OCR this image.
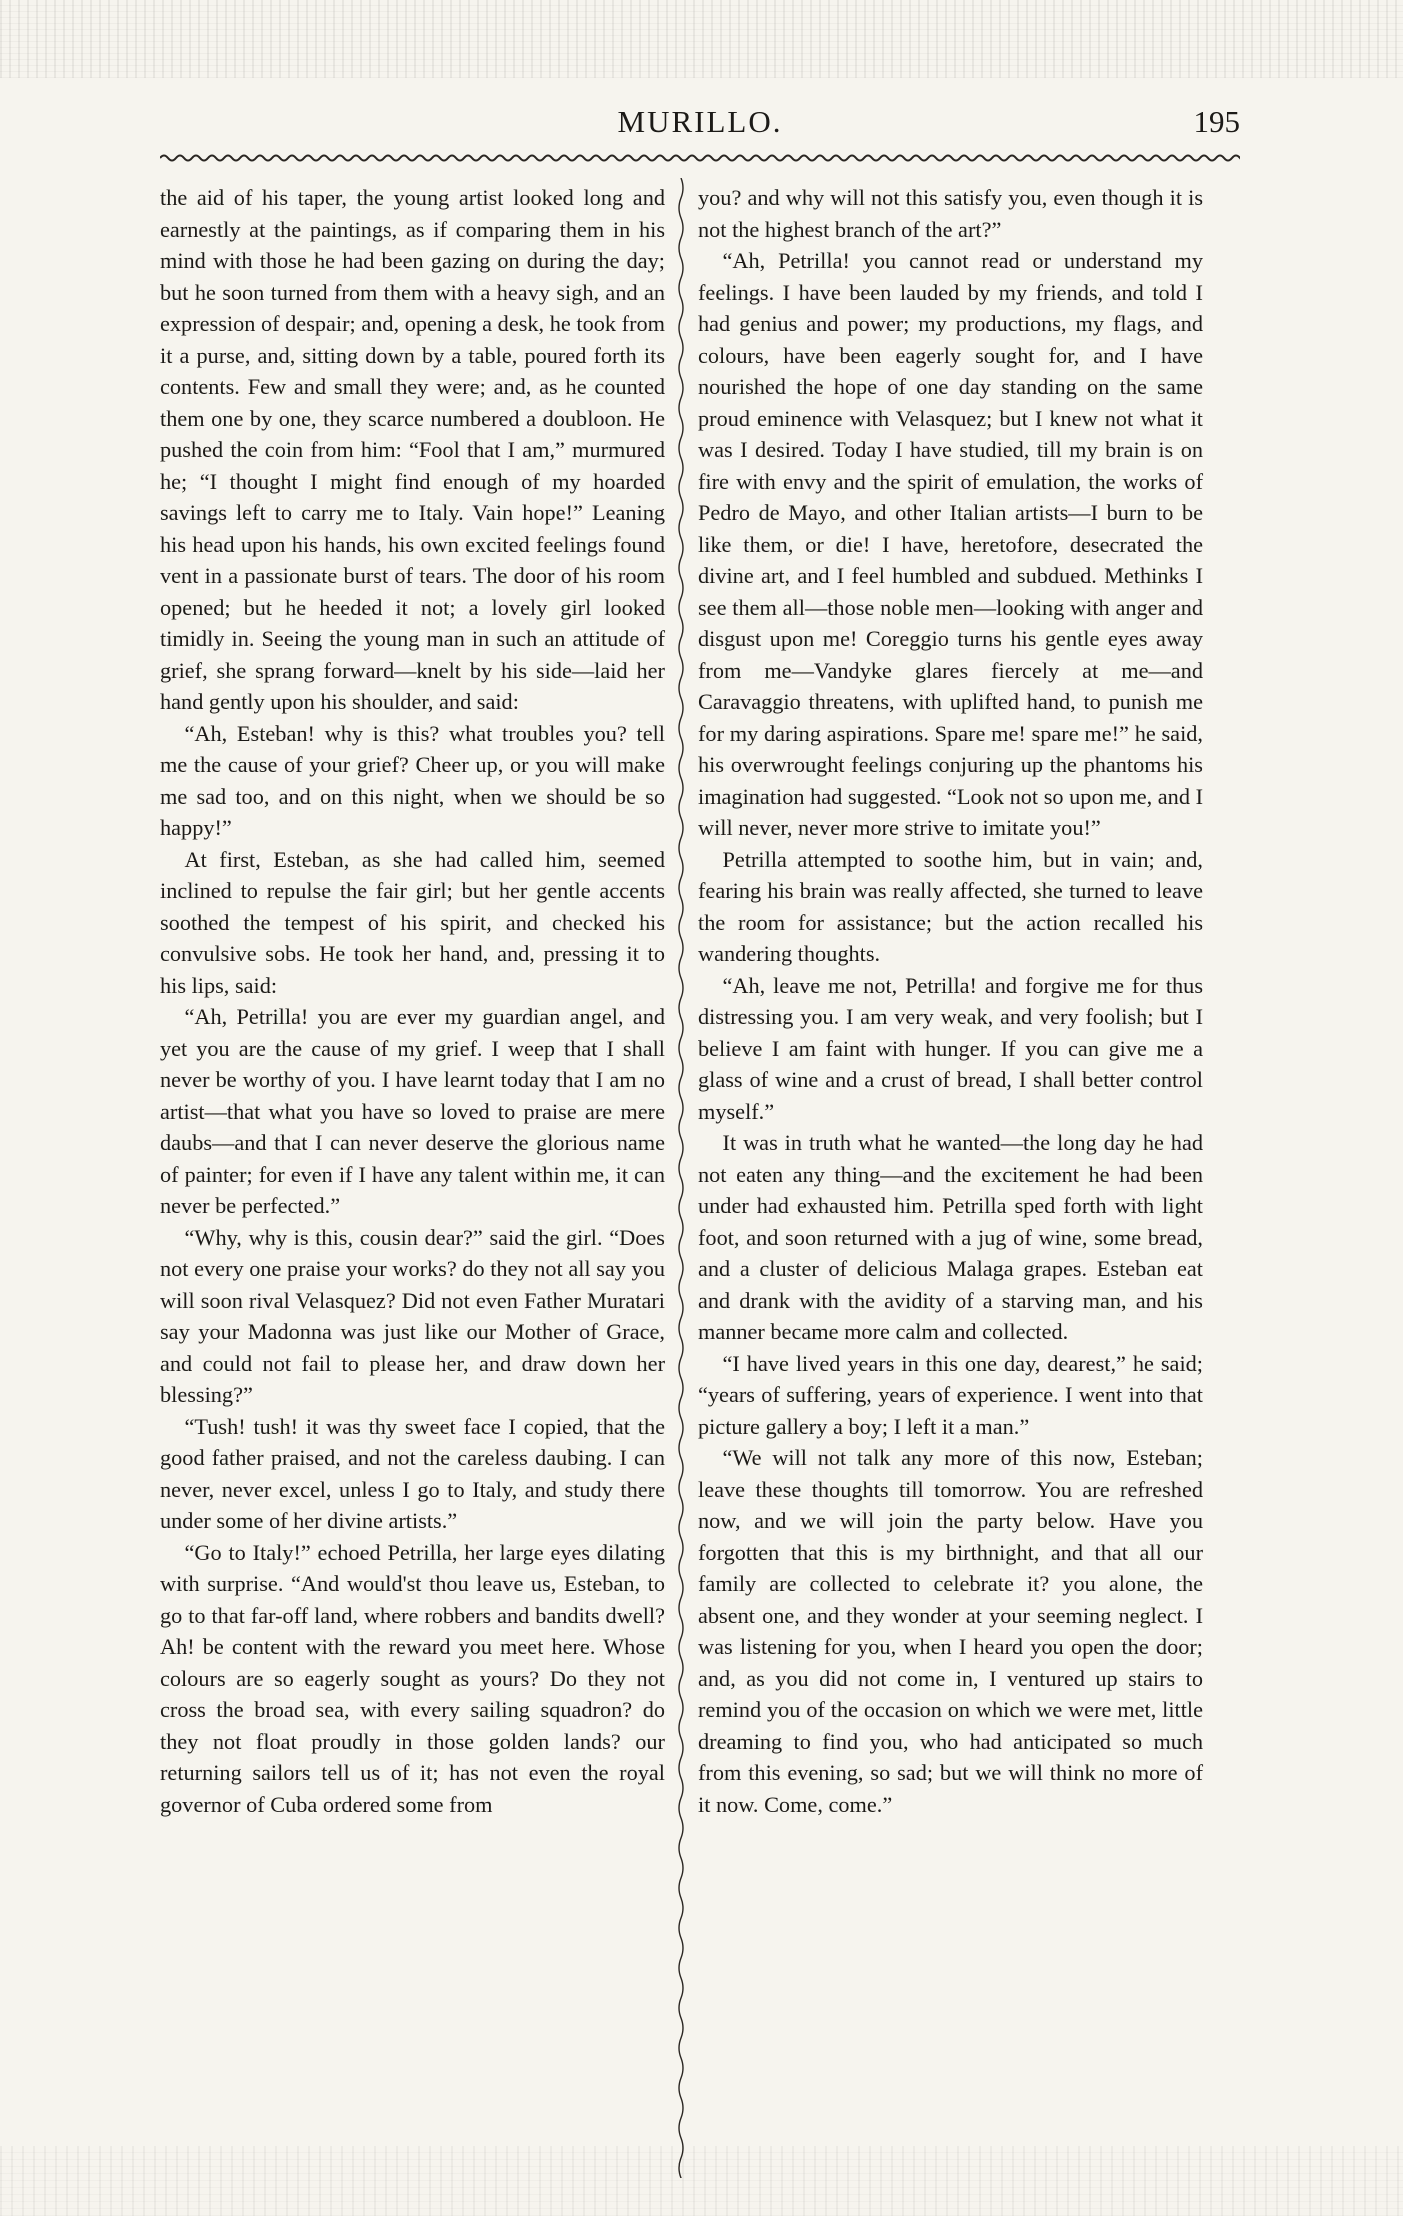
MURILLO.	195

the aid of his taper, the young artist looked long and earnestly at the paintings, as if comparing them in his mind with those he had been gazing on during the day; but he soon turned from them with a heavy sigh, and an expression of despair; and, opening a desk, he took from it a purse, and, sitting down by a table, poured forth its contents. Few and small they were; and, as he counted them one by one, they scarce numbered a doubloon. He pushed the coin from him: “Fool that I am,” murmured he; “I thought I might find enough of my hoarded savings left to carry me to Italy. Vain hope!” Leaning his head upon his hands, his own excited feelings found vent in a passionate burst of tears. The door of his room opened; but he heeded it not; a lovely girl looked timidly in. Seeing the young man in such an attitude of grief, she sprang forward—knelt by his side—laid her hand gently upon his shoulder, and said:

“Ah, Esteban! why is this? what troubles you? tell me the cause of your grief? Cheer up, or you will make me sad too, and on this night, when we should be so happy!”

At first, Esteban, as she had called him, seemed inclined to repulse the fair girl; but her gentle accents soothed the tempest of his spirit, and checked his convulsive sobs. He took her hand, and, pressing it to his lips, said:

“Ah, Petrilla! you are ever my guardian angel, and yet you are the cause of my grief. I weep that I shall never be worthy of you. I have learnt today that I am no artist—that what you have so loved to praise are mere daubs—and that I can never deserve the glorious name of painter; for even if I have any talent within me, it can never be perfected.”

“Why, why is this, cousin dear?” said the girl. “Does not every one praise your works? do they not all say you will soon rival Velasquez? Did not even Father Muratari say your Madonna was just like our Mother of Grace, and could not fail to please her, and draw down her blessing?”

“Tush! tush! it was thy sweet face I copied, that the good father praised, and not the careless daubing. I can never, never excel, unless I go to Italy, and study there under some of her divine artists.”

“Go to Italy!” echoed Petrilla, her large eyes dilating with surprise. “And would'st thou leave us, Esteban, to go to that far-off land, where robbers and bandits dwell? Ah! be content with the reward you meet here. Whose colours are so eagerly sought as yours? Do they not cross the broad sea, with every sailing squadron? do they not float proudly in those golden lands? our returning sailors tell us of it; has not even the royal governor of Cuba ordered some from

you? and why will not this satisfy you, even though it is not the highest branch of the art?”

“Ah, Petrilla! you cannot read or understand my feelings. I have been lauded by my friends, and told I had genius and power; my productions, my flags, and colours, have been eagerly sought for, and I have nourished the hope of one day standing on the same proud eminence with Velasquez; but I knew not what it was I desired. Today I have studied, till my brain is on fire with envy and the spirit of emulation, the works of Pedro de Mayo, and other Italian artists—I burn to be like them, or die! I have, heretofore, desecrated the divine art, and I feel humbled and subdued. Methinks I see them all—those noble men—looking with anger and disgust upon me! Coreggio turns his gentle eyes away from me—Vandyke glares fiercely at me—and Caravaggio threatens, with uplifted hand, to punish me for my daring aspirations. Spare me! spare me!” he said, his overwrought feelings conjuring up the phantoms his imagination had suggested. “Look not so upon me, and I will never, never more strive to imitate you!”

Petrilla attempted to soothe him, but in vain; and, fearing his brain was really affected, she turned to leave the room for assistance; but the action recalled his wandering thoughts.

“Ah, leave me not, Petrilla! and forgive me for thus distressing you. I am very weak, and very foolish; but I believe I am faint with hunger. If you can give me a glass of wine and a crust of bread, I shall better control myself.”

It was in truth what he wanted—the long day he had not eaten any thing—and the excitement he had been under had exhausted him. Petrilla sped forth with light foot, and soon returned with a jug of wine, some bread, and a cluster of delicious Malaga grapes. Esteban eat and drank with the avidity of a starving man, and his manner became more calm and collected.

“I have lived years in this one day, dearest,” he said; “years of suffering, years of experience. I went into that picture gallery a boy; I left it a man.”

“We will not talk any more of this now, Esteban; leave these thoughts till tomorrow. You are refreshed now, and we will join the party below. Have you forgotten that this is my birthnight, and that all our family are collected to celebrate it? you alone, the absent one, and they wonder at your seeming neglect. I was listening for you, when I heard you open the door; and, as you did not come in, I ventured up stairs to remind you of the occasion on which we were met, little dreaming to find you, who had anticipated so much from this evening, so sad; but we will think no more of it now. Come, come.”
